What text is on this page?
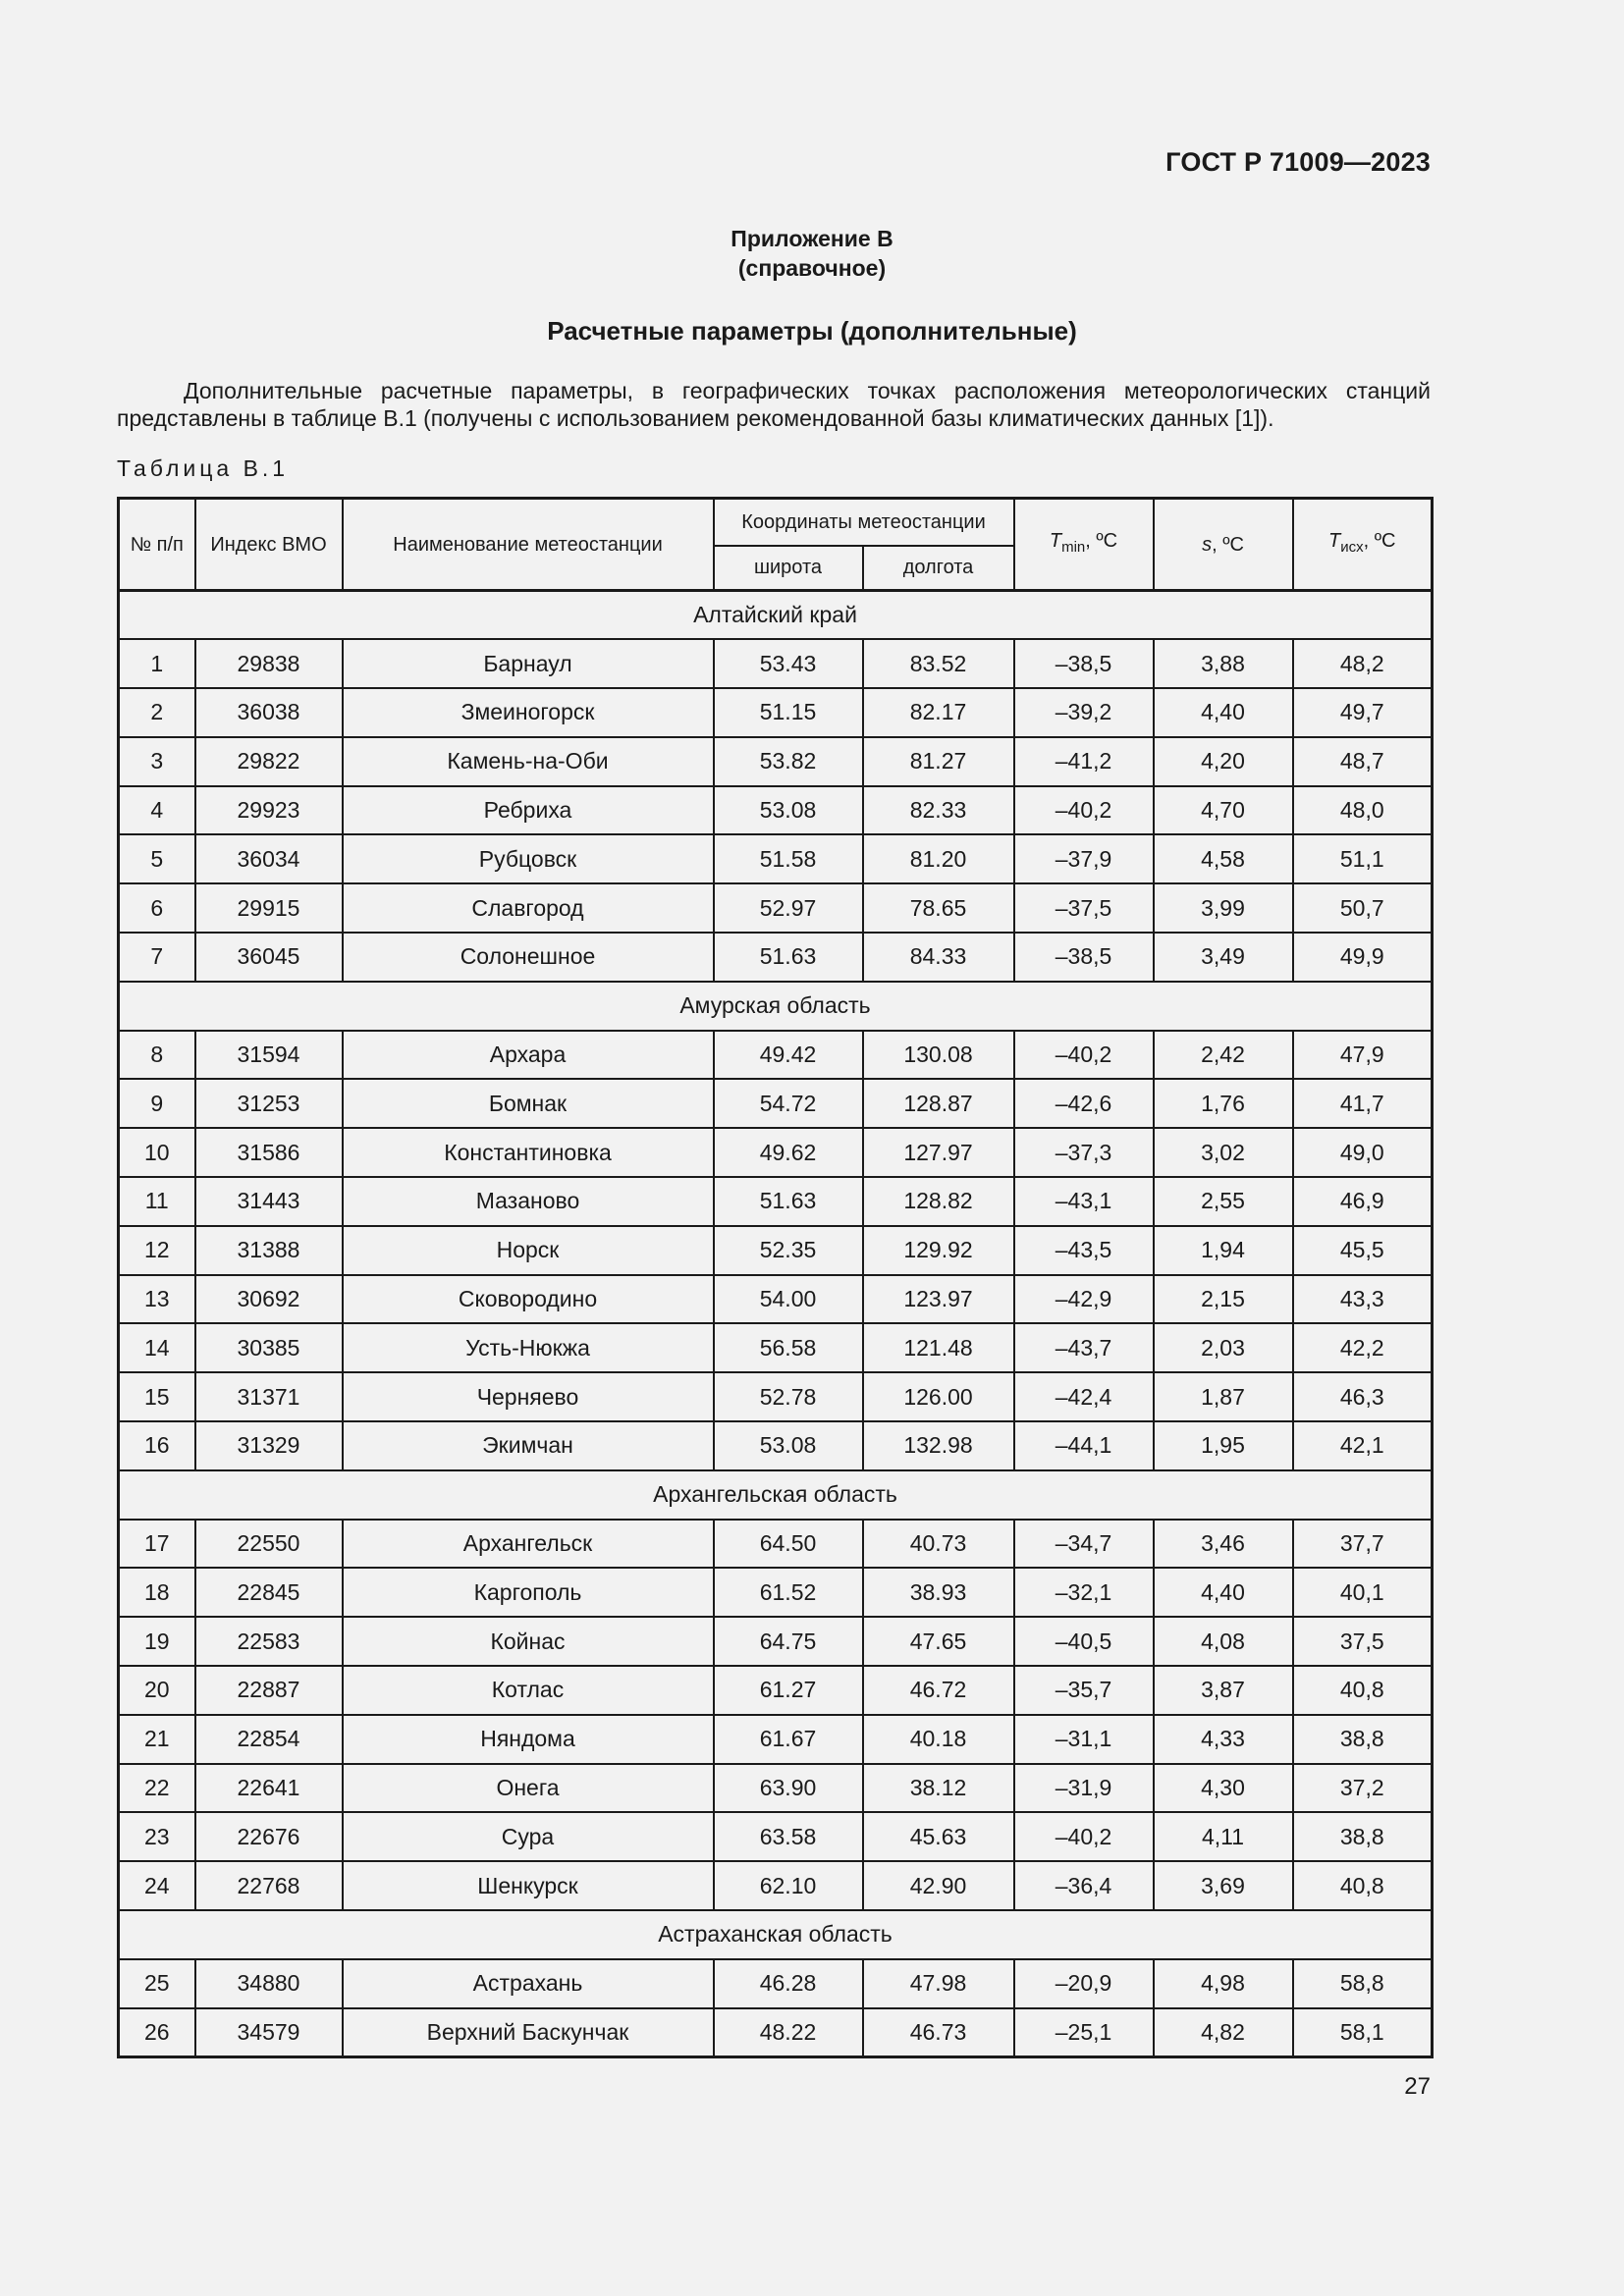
ГОСТ Р 71009—2023
Приложение В
(справочное)
Расчетные параметры (дополнительные)

Дополнительные расчетные параметры, в географических точках расположения метеорологических станций представлены в таблице В.1 (получены с использованием рекомендованной базы климатических данных [1]).

Таблица В.1
№ п/п	Индекс ВМО	Наименование метеостанции	Координаты метеостанции		$T_{min}$, ºC	s, ºC	$T_{исх}$, ºC
			широта	долгота			
Алтайский край							
1	29838	Барнаул	53.43	83.52	–38,5	3,88	48,2
2	36038	Змеиногорск	51.15	82.17	–39,2	4,40	49,7
3	29822	Камень-на-Оби	53.82	81.27	–41,2	4,20	48,7
4	29923	Ребриха	53.08	82.33	–40,2	4,70	48,0
5	36034	Рубцовск	51.58	81.20	–37,9	4,58	51,1
6	29915	Славгород	52.97	78.65	–37,5	3,99	50,7
7	36045	Солонешное	51.63	84.33	–38,5	3,49	49,9
Амурская область							
8	31594	Архара	49.42	130.08	–40,2	2,42	47,9
9	31253	Бомнак	54.72	128.87	–42,6	1,76	41,7
10	31586	Константиновка	49.62	127.97	–37,3	3,02	49,0
11	31443	Мазаново	51.63	128.82	–43,1	2,55	46,9
12	31388	Норск	52.35	129.92	–43,5	1,94	45,5
13	30692	Сковородино	54.00	123.97	–42,9	2,15	43,3
14	30385	Усть-Нюкжа	56.58	121.48	–43,7	2,03	42,2
15	31371	Черняево	52.78	126.00	–42,4	1,87	46,3
16	31329	Экимчан	53.08	132.98	–44,1	1,95	42,1
Архангельская область							
17	22550	Архангельск	64.50	40.73	–34,7	3,46	37,7
18	22845	Каргополь	61.52	38.93	–32,1	4,40	40,1
19	22583	Койнас	64.75	47.65	–40,5	4,08	37,5
20	22887	Котлас	61.27	46.72	–35,7	3,87	40,8
21	22854	Няндома	61.67	40.18	–31,1	4,33	38,8
22	22641	Онега	63.90	38.12	–31,9	4,30	37,2
23	22676	Сура	63.58	45.63	–40,2	4,11	38,8
24	22768	Шенкурск	62.10	42.90	–36,4	3,69	40,8
Астраханская область							
25	34880	Астрахань	46.28	47.98	–20,9	4,98	58,8
26	34579	Верхний Баскунчак	48.22	46.73	–25,1	4,82	58,1
27
